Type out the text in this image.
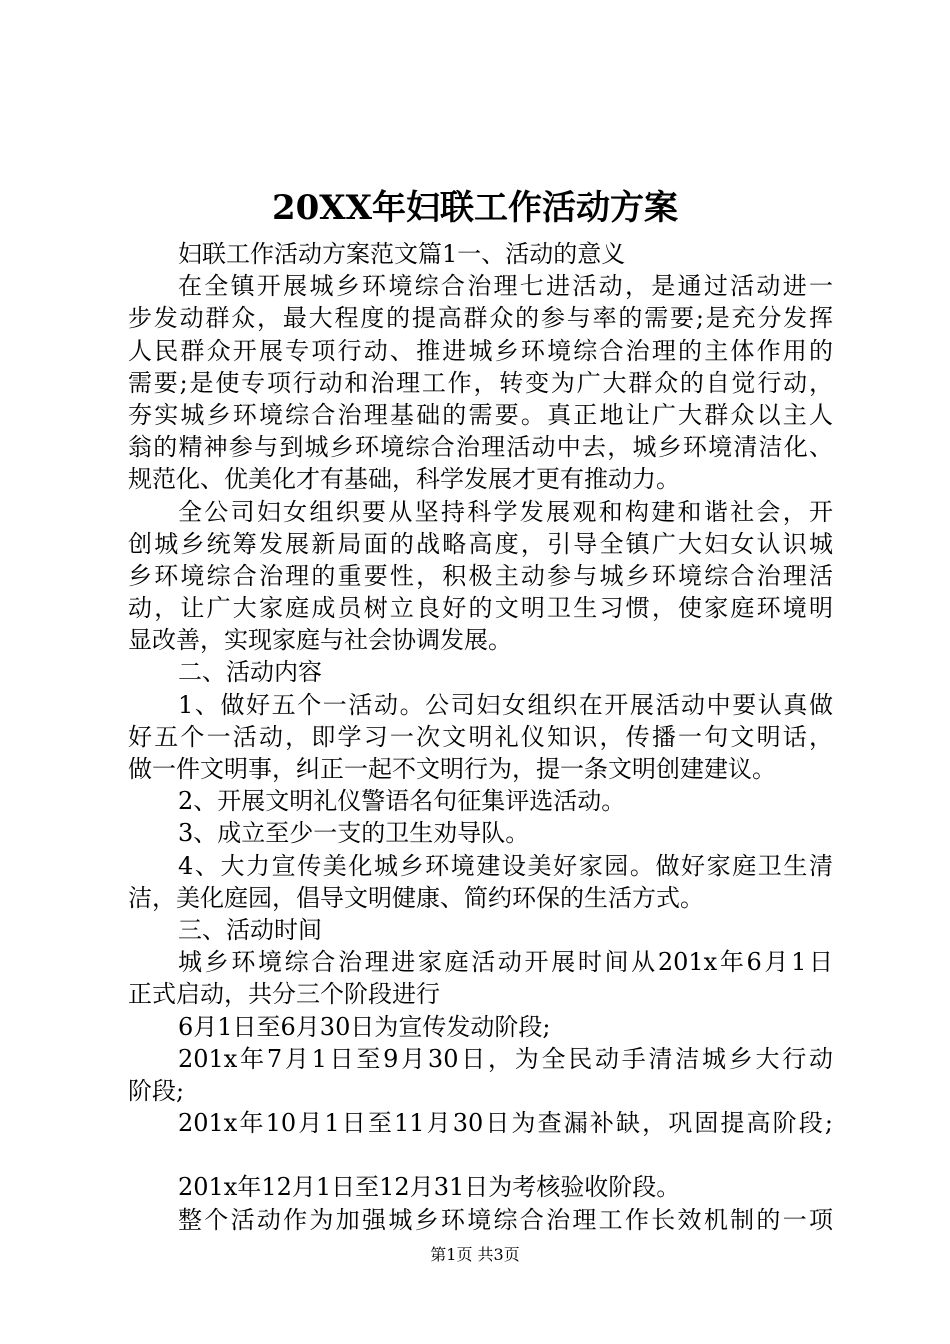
20XX年妇联工作活动方案
妇联工作活动方案范文篇1一、活动的意义
在全镇开展城乡环境综合治理七进活动，是通过活动进一
步发动群众，最大程度的提高群众的参与率的需要;是充分发挥
人民群众开展专项行动、推进城乡环境综合治理的主体作用的
需要;是使专项行动和治理工作，转变为广大群众的自觉行动，
夯实城乡环境综合治理基础的需要。真正地让广大群众以主人
翁的精神参与到城乡环境综合治理活动中去，城乡环境清洁化、
规范化、优美化才有基础，科学发展才更有推动力。
全公司妇女组织要从坚持科学发展观和构建和谐社会，开
创城乡统筹发展新局面的战略高度，引导全镇广大妇女认识城
乡环境综合治理的重要性，积极主动参与城乡环境综合治理活
动，让广大家庭成员树立良好的文明卫生习惯，使家庭环境明
显改善，实现家庭与社会协调发展。
二、活动内容
1、做好五个一活动。公司妇女组织在开展活动中要认真做
好五个一活动，即学习一次文明礼仪知识，传播一句文明话，
做一件文明事，纠正一起不文明行为，提一条文明创建建议。
2、开展文明礼仪警语名句征集评选活动。
3、成立至少一支的卫生劝导队。
4、大力宣传美化城乡环境建设美好家园。做好家庭卫生清
洁，美化庭园，倡导文明健康、简约环保的生活方式。
三、活动时间
城乡环境综合治理进家庭活动开展时间从201x年6月1日
正式启动，共分三个阶段进行
6月1日至6月30日为宣传发动阶段;
201x年7月1日至9月30日，为全民动手清洁城乡大行动
阶段;
201x年10月1日至11月30日为查漏补缺，巩固提高阶段;
201x年12月1日至12月31日为考核验收阶段。
整个活动作为加强城乡环境综合治理工作长效机制的一项
第1页 共3页
